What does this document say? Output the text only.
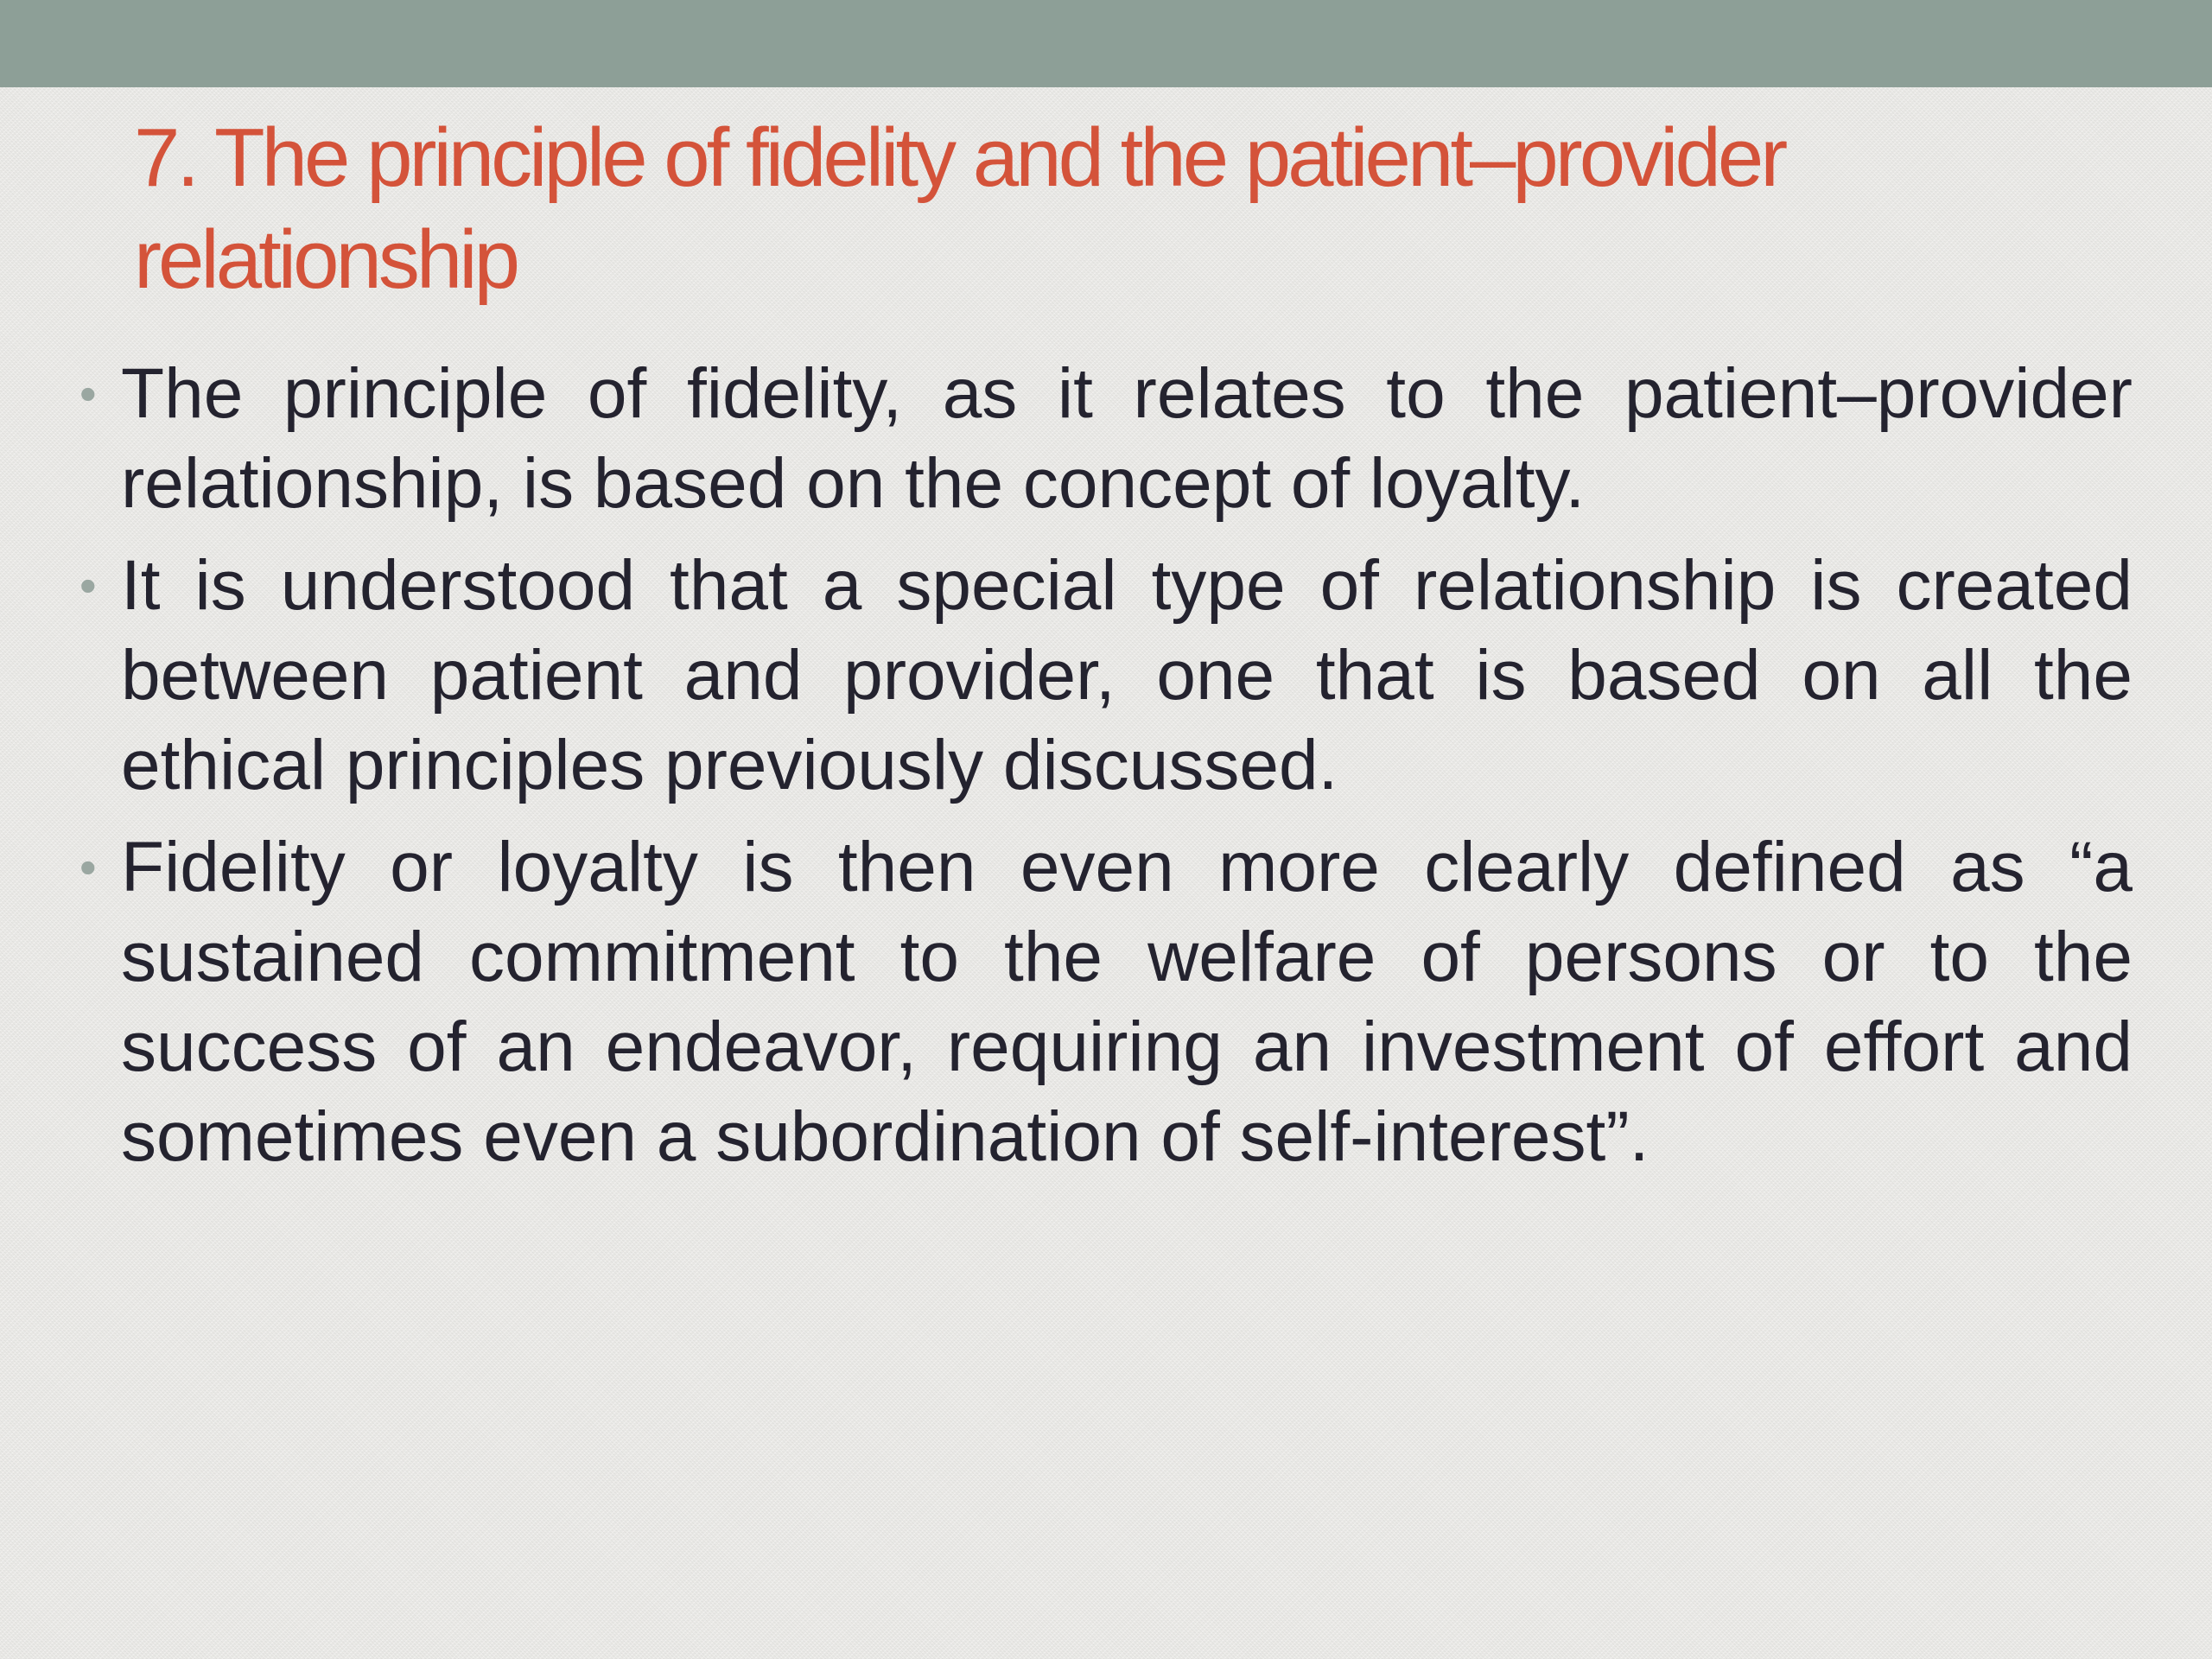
7. The principle of fidelity and the patient–provider relationship
• The principle of fidelity, as it relates to the patient–provider relationship, is based on the concept of loyalty.
• It is understood that a special type of relationship is created between patient and provider, one that is based on all the ethical principles previously discussed.
• Fidelity or loyalty is then even more clearly defined as “a sustained commitment to the welfare of persons or to the success of an endeavor, requiring an investment of effort and sometimes even a subordination of self-interest”.
